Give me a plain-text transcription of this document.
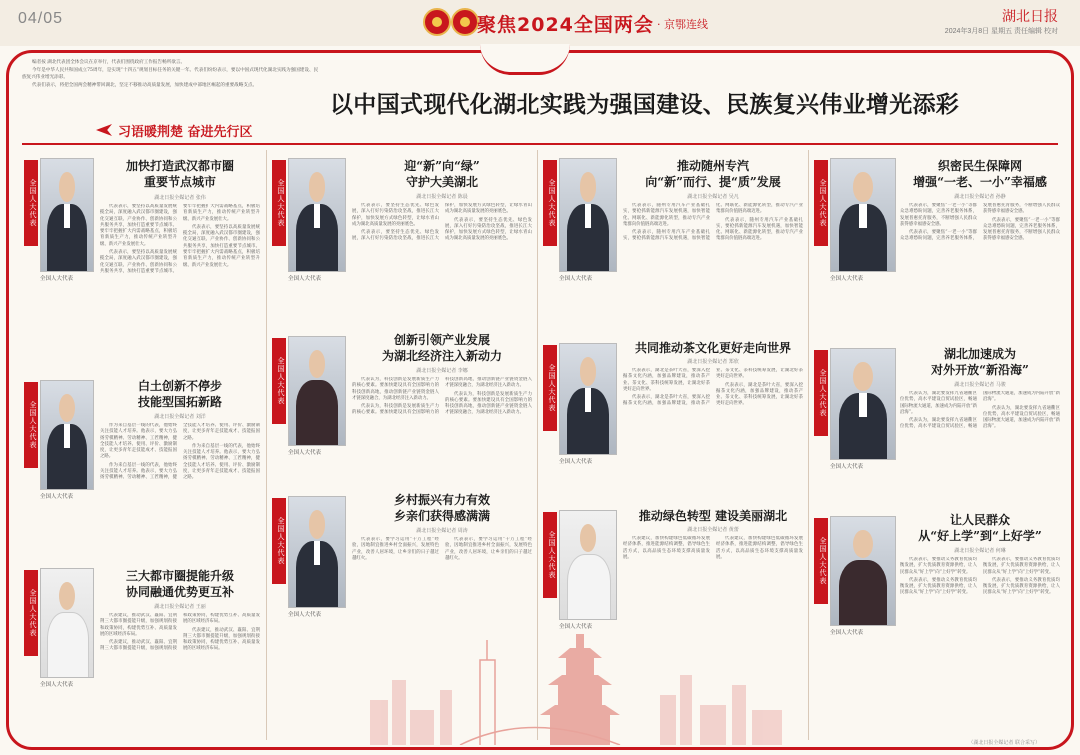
04/05	聚焦2024全国两会 · 京鄂连线	湖北日报
2024年3月8日 星期五 责任编辑 校对

编者按 湖北代表团全体会议在京举行，代表们围绕政府工作报告畅所欲言。

今年是中华人民共和国成立75周年，是实现“十四五”规划目标任务的关键一年。代表们纷纷表示，要以中国式现代化湖北实践为强国建设、民族复兴伟业增光添彩。

代表们表示，将把全国两会精神带回湖北，坚定不移推动高质量发展，加快建成中部地区崛起的重要战略支点。

以中国式现代化湖北实践为强国建设、民族复兴伟业增光添彩
习语暖荆楚 奋进先行区
全国人大代表
全国人大代表
加快打造武汉都市圈
重要节点城市
湖北日报全媒记者 张伟

代表表示，要坚持以高质量发展统揽全局，深度融入武汉都市圈建设，强化交通互联、产业协作、创新协同和公共服务共享，加快打造重要节点城市。要牢牢把握扩大内需战略基点，积极培育新质生产力，推动传统产业转型升级、新兴产业发展壮大。

代表表示，要坚持以高质量发展统揽全局，深度融入武汉都市圈建设，强化交通互联、产业协作、创新协同和公共服务共享，加快打造重要节点城市。要牢牢把握扩大内需战略基点，积极培育新质生产力，推动传统产业转型升级、新兴产业发展壮大。

代表表示，要坚持以高质量发展统揽全局，深度融入武汉都市圈建设，强化交通互联、产业协作、创新协同和公共服务共享，加快打造重要节点城市。要牢牢把握扩大内需战略基点，积极培育新质生产力，推动传统产业转型升级、新兴产业发展壮大。

全国人大代表
全国人大代表
白土创新不停步
技能型国拓新路
湖北日报全媒记者 刘洋

作为来自基层一线的代表，他始终关注技能人才培养。他表示，要大力弘扬劳模精神、劳动精神、工匠精神，健全技能人才培养、使用、评价、激励制度，让更多青年走技能成才、技能报国之路。

作为来自基层一线的代表，他始终关注技能人才培养。他表示，要大力弘扬劳模精神、劳动精神、工匠精神，健全技能人才培养、使用、评价、激励制度，让更多青年走技能成才、技能报国之路。

作为来自基层一线的代表，他始终关注技能人才培养。他表示，要大力弘扬劳模精神、劳动精神、工匠精神，健全技能人才培养、使用、评价、激励制度，让更多青年走技能成才、技能报国之路。

全国人大代表
全国人大代表
三大都市圈提能升级
协同融通优势更互补
湖北日报全媒记者 王丽

代表建议，推动武汉、襄阳、宜荆荆三大都市圈提能升级，加强规划衔接和政策协同，构建优势互补、高质量发展的区域经济布局。

代表建议，推动武汉、襄阳、宜荆荆三大都市圈提能升级，加强规划衔接和政策协同，构建优势互补、高质量发展的区域经济布局。

代表建议，推动武汉、襄阳、宜荆荆三大都市圈提能升级，加强规划衔接和政策协同，构建优势互补、高质量发展的区域经济布局。

全国人大代表
全国人大代表
迎“新”向“绿”
守护大美湖北
湖北日报全媒记者 陈晨

代表表示，要坚持生态优先、绿色发展，深入打好污染防治攻坚战，推进长江大保护，加快发展方式绿色转型，让绿水青山成为湖北高质量发展的亮丽底色。

代表表示，要坚持生态优先、绿色发展，深入打好污染防治攻坚战，推进长江大保护，加快发展方式绿色转型，让绿水青山成为湖北高质量发展的亮丽底色。

代表表示，要坚持生态优先、绿色发展，深入打好污染防治攻坚战，推进长江大保护，加快发展方式绿色转型，让绿水青山成为湖北高质量发展的亮丽底色。

全国人大代表
全国人大代表
创新引领产业发展
为湖北经济注入新动力
湖北日报全媒记者 李娜

代表认为，科技创新是发展新质生产力的核心要素。要加快建设具有全国影响力的科技创新高地，推动创新链产业链资金链人才链深度融合，为湖北经济注入新动力。

代表认为，科技创新是发展新质生产力的核心要素。要加快建设具有全国影响力的科技创新高地，推动创新链产业链资金链人才链深度融合，为湖北经济注入新动力。

代表认为，科技创新是发展新质生产力的核心要素。要加快建设具有全国影响力的科技创新高地，推动创新链产业链资金链人才链深度融合，为湖北经济注入新动力。

全国人大代表
全国人大代表
乡村振兴有力有效
乡亲们获得感满满
湖北日报全媒记者 周涛

代表表示，要学习运用“千万工程”经验，因地制宜推进乡村全面振兴，发展特色产业，改善人居环境，让乡亲们的日子越过越红火。

代表表示，要学习运用“千万工程”经验，因地制宜推进乡村全面振兴，发展特色产业，改善人居环境，让乡亲们的日子越过越红火。

全国人大代表
全国人大代表
推动随州专汽
向“新”而行、提“质”发展
湖北日报全媒记者 吴凡

代表表示，随州专用汽车产业基础扎实，要抢抓新能源汽车发展机遇，加快智能化、网联化、新能源化转型，推动专汽产业集群向价值链高端迈进。

代表表示，随州专用汽车产业基础扎实，要抢抓新能源汽车发展机遇，加快智能化、网联化、新能源化转型，推动专汽产业集群向价值链高端迈进。

代表表示，随州专用汽车产业基础扎实，要抢抓新能源汽车发展机遇，加快智能化、网联化、新能源化转型，推动专汽产业集群向价值链高端迈进。

全国人大代表
全国人大代表
共同推动茶文化更好走向世界
湖北日报全媒记者 郑欣

代表表示，湖北是茶叶大省，要深入挖掘茶文化内涵，加强品牌建设，推动茶产业、茶文化、茶科技统筹发展，让湖北好茶更好走向世界。

代表表示，湖北是茶叶大省，要深入挖掘茶文化内涵，加强品牌建设，推动茶产业、茶文化、茶科技统筹发展，让湖北好茶更好走向世界。

代表表示，湖北是茶叶大省，要深入挖掘茶文化内涵，加强品牌建设，推动茶产业、茶文化、茶科技统筹发展，让湖北好茶更好走向世界。

全国人大代表
全国人大代表
推动绿色转型 建设美丽湖北
湖北日报全媒记者 黄蕾

代表建议，加快构建绿色低碳循环发展经济体系，推进能源结构调整，倡导绿色生活方式，以高品质生态环境支撑高质量发展。

代表建议，加快构建绿色低碳循环发展经济体系，推进能源结构调整，倡导绿色生活方式，以高品质生态环境支撑高质量发展。

全国人大代表
全国人大代表
织密民生保障网
增强“一老、一小”幸福感
湖北日报全媒记者 孙静

代表表示，要聚焦“一老一小”等群众急难愁盼问题，完善养老服务体系，发展普惠托育服务，不断增强人民群众获得感幸福感安全感。

代表表示，要聚焦“一老一小”等群众急难愁盼问题，完善养老服务体系，发展普惠托育服务，不断增强人民群众获得感幸福感安全感。

代表表示，要聚焦“一老一小”等群众急难愁盼问题，完善养老服务体系，发展普惠托育服务，不断增强人民群众获得感幸福感安全感。

全国人大代表
全国人大代表
湖北加速成为
对外开放“新沿海”
湖北日报全媒记者 马骏

代表认为，湖北要发挥九省通衢区位优势，高水平建设自贸试验区，畅通国际物流大通道，加速成为内陆开放“新沿海”。

代表认为，湖北要发挥九省通衢区位优势，高水平建设自贸试验区，畅通国际物流大通道，加速成为内陆开放“新沿海”。

代表认为，湖北要发挥九省通衢区位优势，高水平建设自贸试验区，畅通国际物流大通道，加速成为内陆开放“新沿海”。

全国人大代表
全国人大代表
让人民群众
从“好上学”到“上好学”
湖北日报全媒记者 何琳

代表表示，要推动义务教育优质均衡发展，扩大优质教育资源供给，让人民群众从“好上学”向“上好学”转变。

代表表示，要推动义务教育优质均衡发展，扩大优质教育资源供给，让人民群众从“好上学”向“上好学”转变。

代表表示，要推动义务教育优质均衡发展，扩大优质教育资源供给，让人民群众从“好上学”向“上好学”转变。

代表表示，要推动义务教育优质均衡发展，扩大优质教育资源供给，让人民群众从“好上学”向“上好学”转变。

（湖北日报全媒记者 联合采写）
